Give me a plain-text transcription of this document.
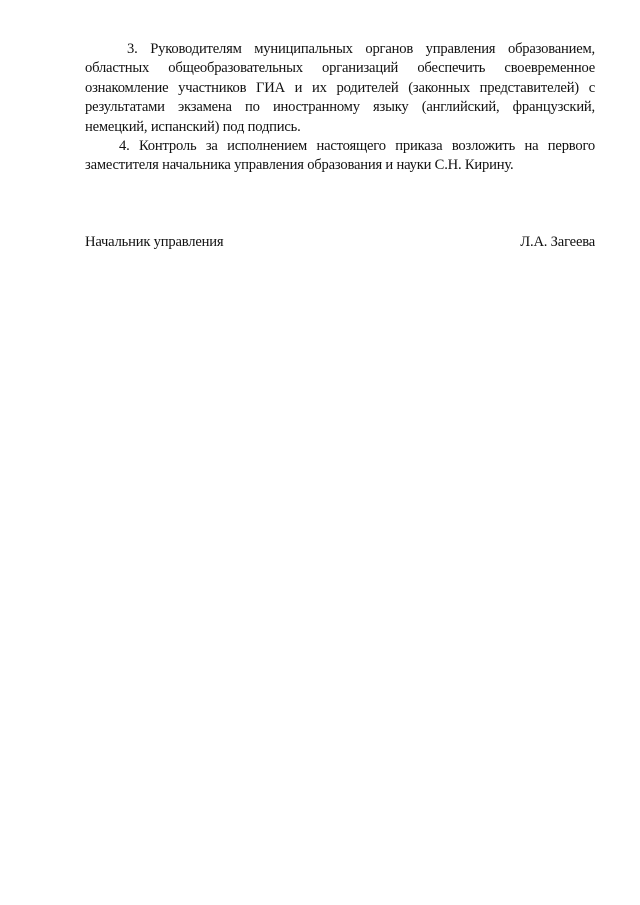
3. Руководителям муниципальных органов управления образованием, областных общеобразовательных организаций обеспечить своевременное ознакомление участников ГИА и их родителей (законных представителей) с результатами экзамена по иностранному языку (английский, французский, немецкий, испанский) под подпись.

4. Контроль за исполнением настоящего приказа возложить на первого заместителя начальника управления образования и науки С.Н. Кирину.

Начальник управления	Л.А. Загеева
